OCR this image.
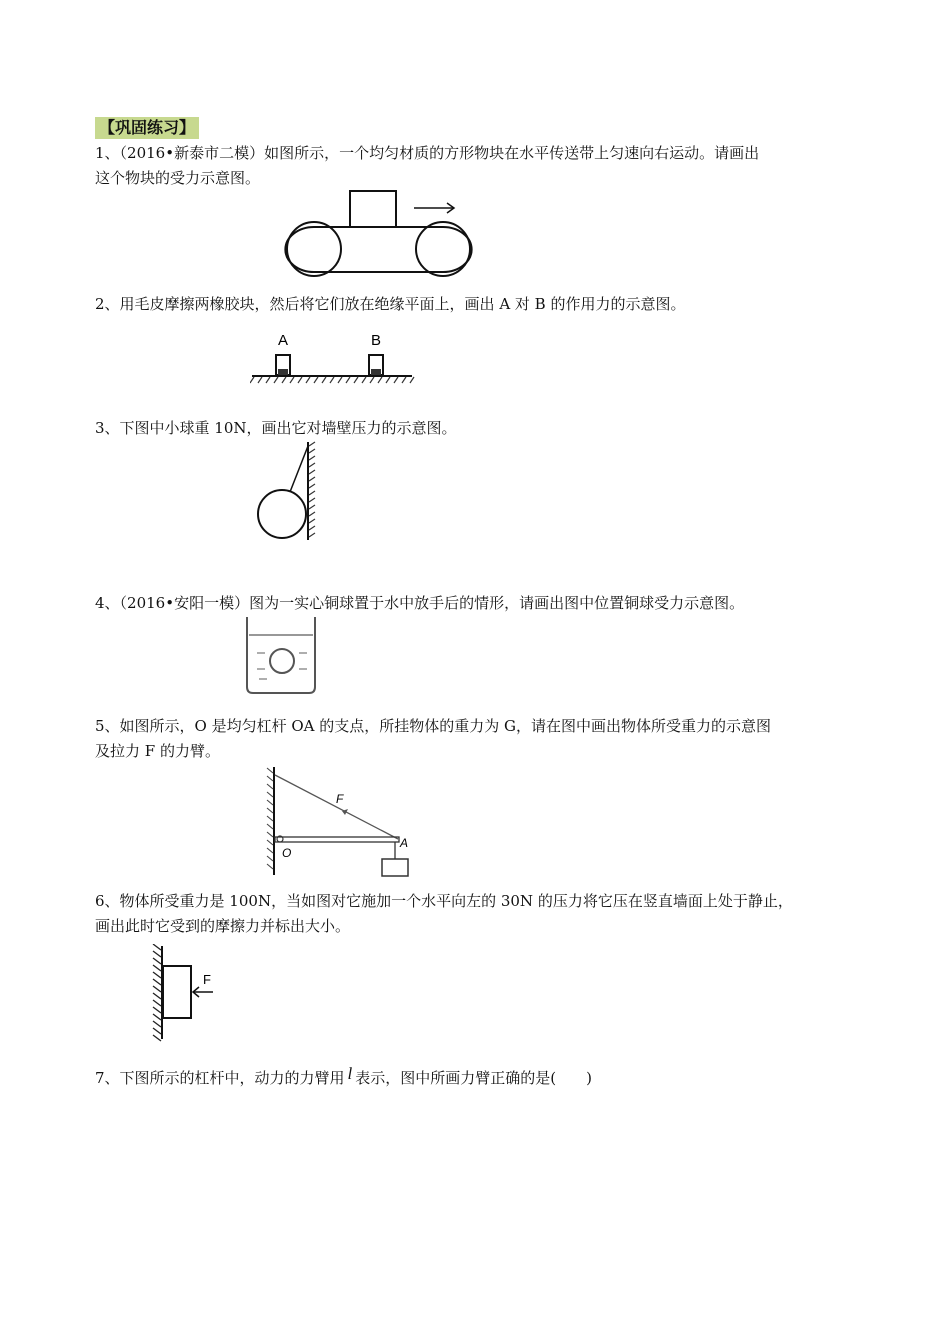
【巩固练习】
1、（2016•新泰市二模）如图所示，一个均匀材质的方形物块在水平传送带上匀速向右运动。请画出
这个物块的受力示意图。
2、用毛皮摩擦两橡胶块，然后将它们放在绝缘平面上，画出 A 对 B 的作用力的示意图。
A	B
3、下图中小球重 10N，画出它对墙壁压力的示意图。
4、（2016•安阳一模）图为一实心铜球置于水中放手后的情形，请画出图中位置铜球受力示意图。
5、如图所示，O 是均匀杠杆 OA 的支点，所挂物体的重力为 G，请在图中画出物体所受重力的示意图
及拉力 F 的力臂。
F
O
A
6、物体所受重力是 100N，当如图对它施加一个水平向左的 30N 的压力将它压在竖直墙面上处于静止，
画出此时它受到的摩擦力并标出大小。
F
7、下图所示的杠杆中，动力的力臂用 l 表示，图中所画力臂正确的是(　　)
